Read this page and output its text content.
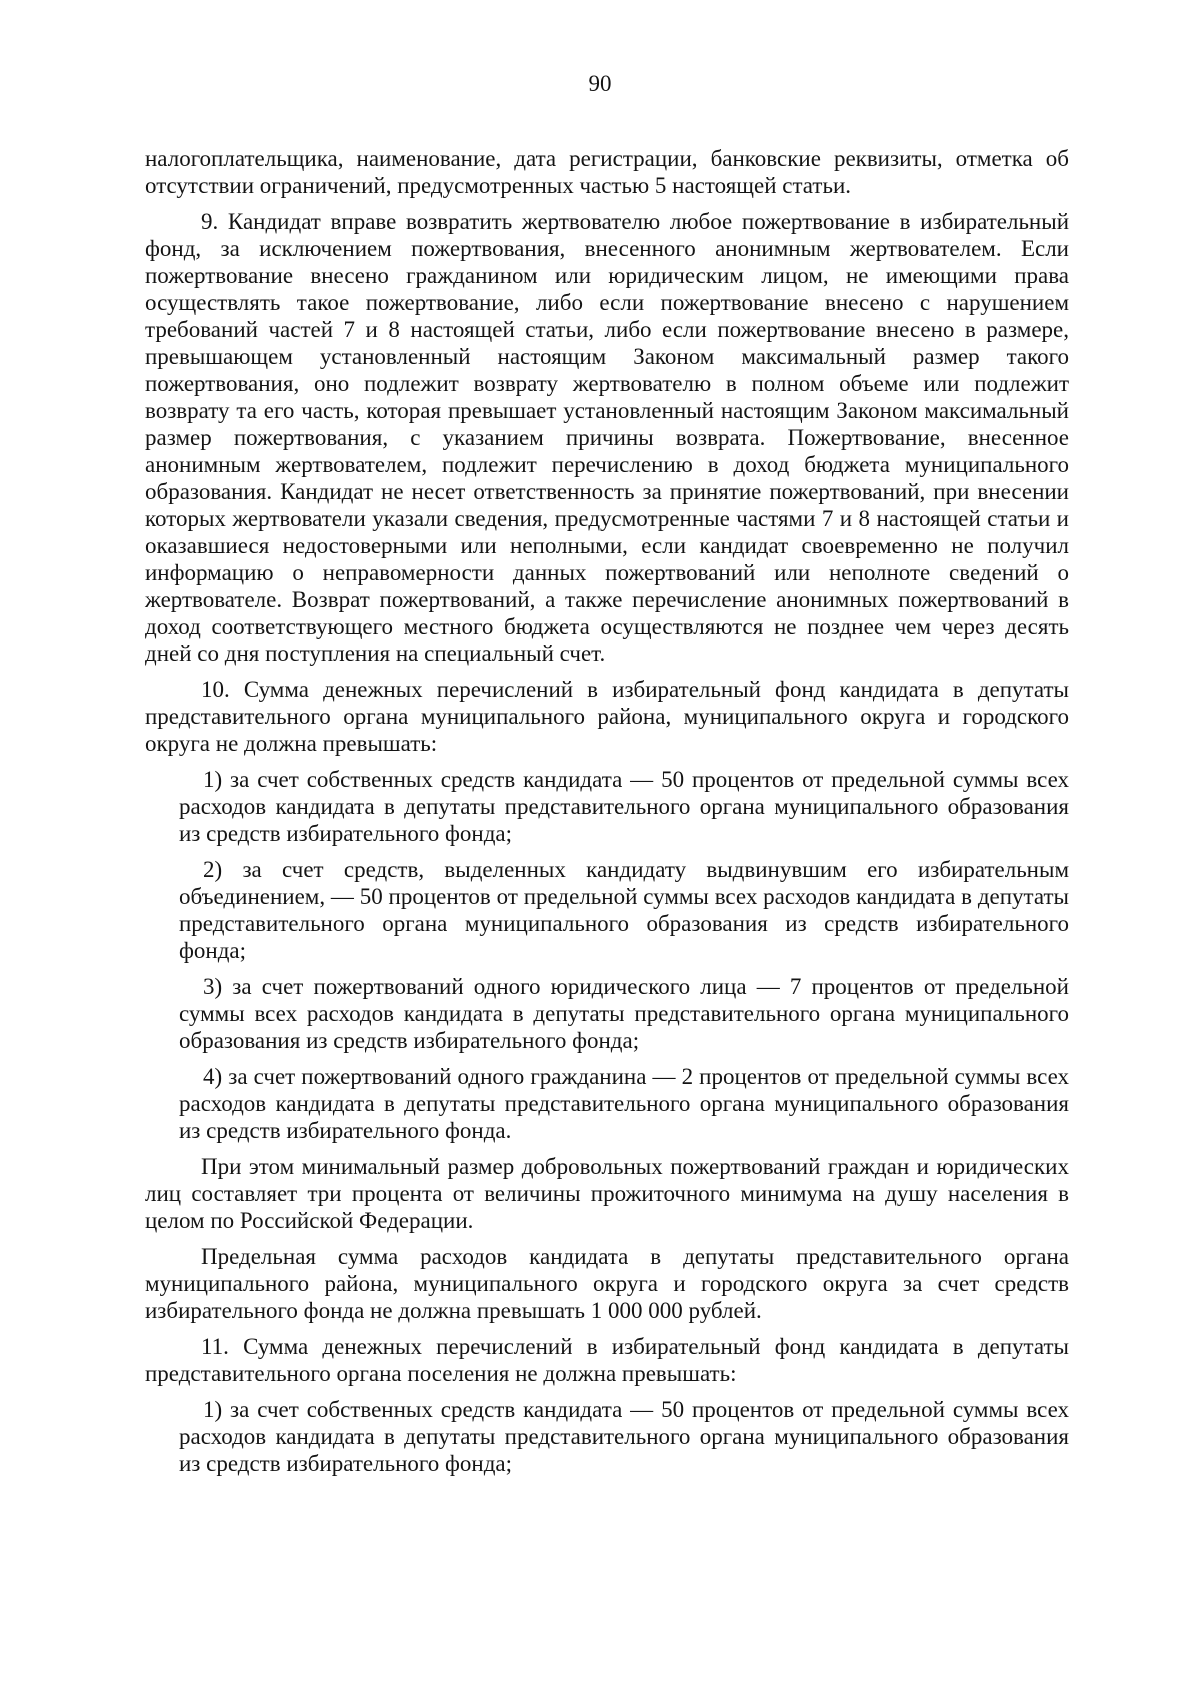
90

налогоплательщика, наименование, дата регистрации, банковские реквизиты, отметка об отсутствии ограничений, предусмотренных частью 5 настоящей статьи.

9. Кандидат вправе возвратить жертвователю любое пожертвование в избирательный фонд, за исключением пожертвования, внесенного анонимным жертвователем. Если пожертвование внесено гражданином или юридическим лицом, не имеющими права осуществлять такое пожертвование, либо если пожертвование внесено с нарушением требований частей 7 и 8 настоящей статьи, либо если пожертвование внесено в размере, превышающем установленный настоящим Законом максимальный размер такого пожертвования, оно подлежит возврату жертвователю в полном объеме или подлежит возврату та его часть, которая превышает установленный настоящим Законом максимальный размер пожертвования, с указанием причины возврата. Пожертвование, внесенное анонимным жертвователем, подлежит перечислению в доход бюджета муниципального образования. Кандидат не несет ответственность за принятие пожертвований, при внесении которых жертвователи указали сведения, предусмотренные частями 7 и 8 настоящей статьи и оказавшиеся недостоверными или неполными, если кандидат своевременно не получил информацию о неправомерности данных пожертвований или неполноте сведений о жертвователе. Возврат пожертвований, а также перечисление анонимных пожертвований в доход соответствующего местного бюджета осуществляются не позднее чем через десять дней со дня поступления на специальный счет.

10. Сумма денежных перечислений в избирательный фонд кандидата в депутаты представительного органа муниципального района, муниципального округа и городского округа не должна превышать:

1) за счет собственных средств кандидата — 50 процентов от предельной суммы всех расходов кандидата в депутаты представительного органа муниципального образования из средств избирательного фонда;

2) за счет средств, выделенных кандидату выдвинувшим его избирательным объединением, — 50 процентов от предельной суммы всех расходов кандидата в депутаты представительного органа муниципального образования из средств избирательного фонда;

3) за счет пожертвований одного юридического лица — 7 процентов от предельной суммы всех расходов кандидата в депутаты представительного органа муниципального образования из средств избирательного фонда;

4) за счет пожертвований одного гражданина — 2 процентов от предельной суммы всех расходов кандидата в депутаты представительного органа муниципального образования из средств избирательного фонда.

При этом минимальный размер добровольных пожертвований граждан и юридических лиц составляет три процента от величины прожиточного минимума на душу населения в целом по Российской Федерации.

Предельная сумма расходов кандидата в депутаты представительного органа муниципального района, муниципального округа и городского округа за счет средств избирательного фонда не должна превышать 1 000 000 рублей.

11. Сумма денежных перечислений в избирательный фонд кандидата в депутаты представительного органа поселения не должна превышать:

1) за счет собственных средств кандидата — 50 процентов от предельной суммы всех расходов кандидата в депутаты представительного органа муниципального образования из средств избирательного фонда;
